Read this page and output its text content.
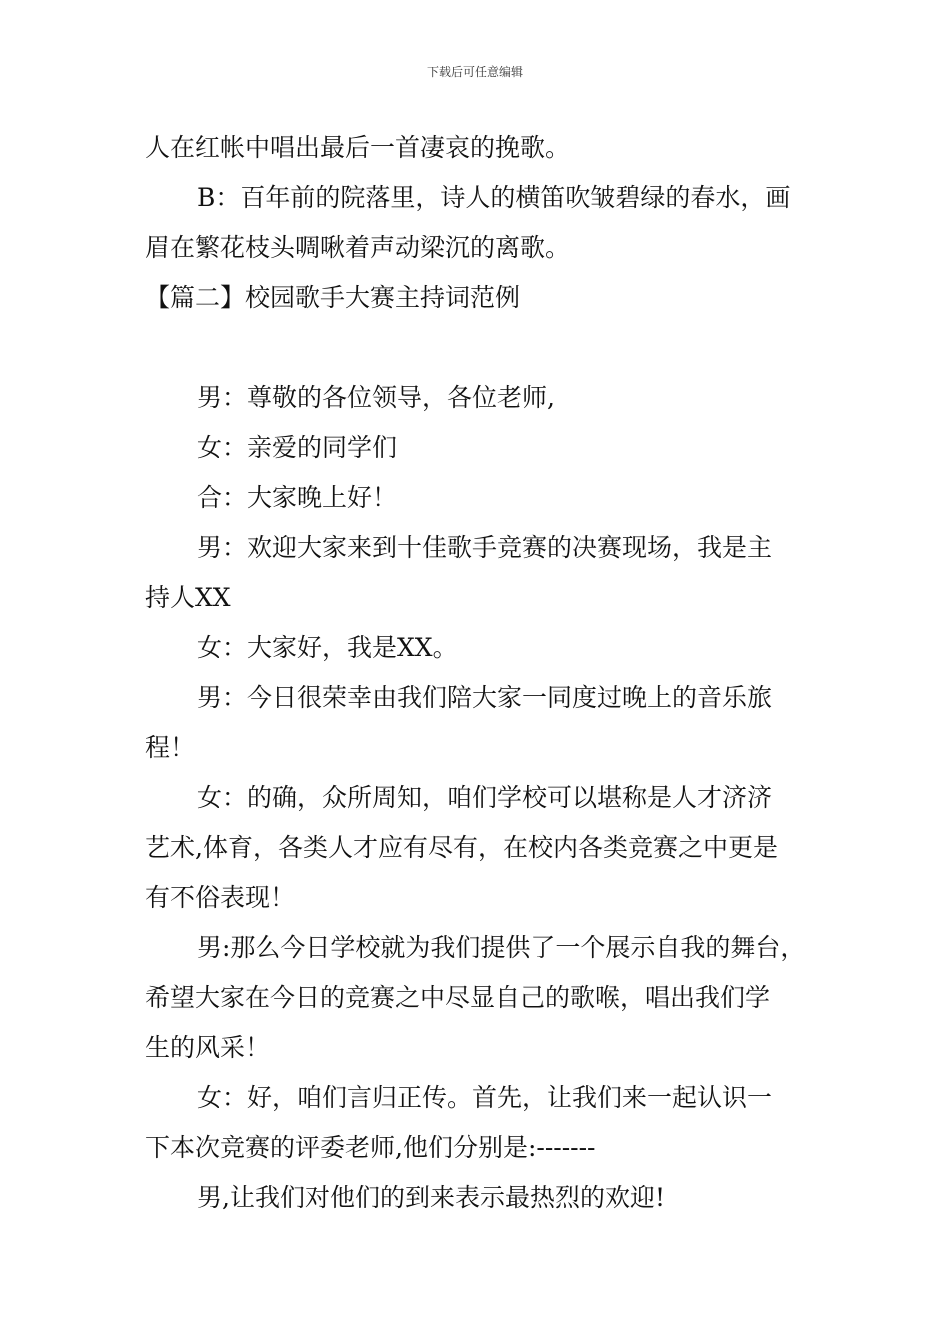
下载后可任意编辑
人在红帐中唱出最后一首凄哀的挽歌。
B：百年前的院落里，诗人的横笛吹皱碧绿的春水，画
眉在繁花枝头啁啾着声动梁沉的离歌。
【篇二】校园歌手大赛主持词范例
男：尊敬的各位领导，各位老师,
女：亲爱的同学们
合：大家晚上好！
男：欢迎大家来到十佳歌手竞赛的决赛现场，我是主
持人XX
女：大家好，我是XX。
男：今日很荣幸由我们陪大家一同度过晚上的音乐旅
程！
女：的确，众所周知，咱们学校可以堪称是人才济济
艺术,体育，各类人才应有尽有，在校内各类竞赛之中更是
有不俗表现！
男:那么今日学校就为我们提供了一个展示自我的舞台，
希望大家在今日的竞赛之中尽显自己的歌喉，唱出我们学
生的风采！
女：好，咱们言归正传。首先，让我们来一起认识一
下本次竞赛的评委老师,他们分别是:-------
男,让我们对他们的到来表示最热烈的欢迎!
